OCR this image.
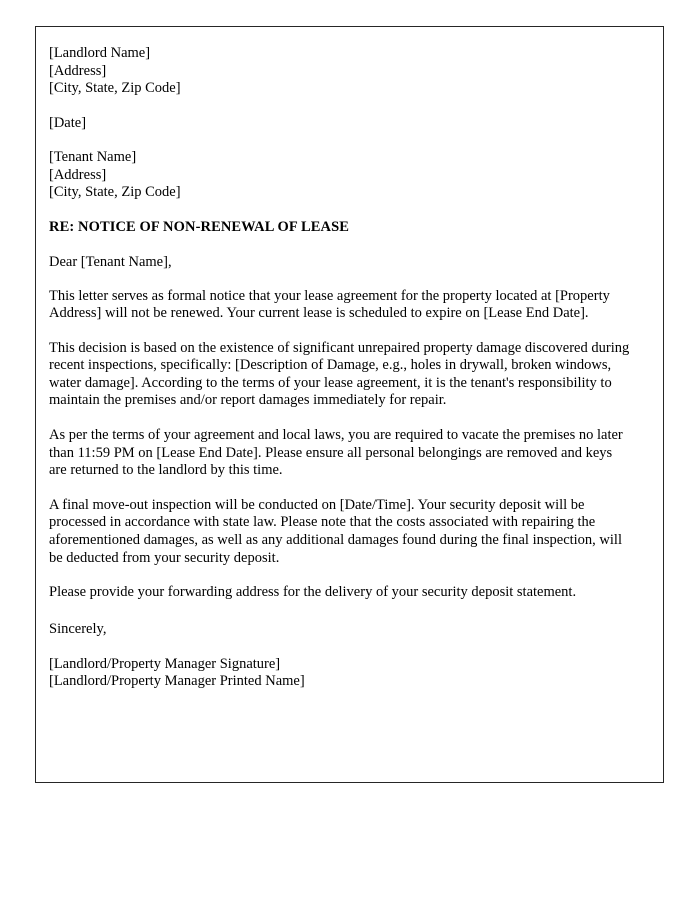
[Landlord Name]
[Address]
[City, State, Zip Code]
[Date]
[Tenant Name]
[Address]
[City, State, Zip Code]
RE: NOTICE OF NON-RENEWAL OF LEASE
Dear [Tenant Name],

This letter serves as formal notice that your lease agreement for the property located at [Property Address] will not be renewed. Your current lease is scheduled to expire on [Lease End Date].

This decision is based on the existence of significant unrepaired property damage discovered during recent inspections, specifically: [Description of Damage, e.g., holes in drywall, broken windows, water damage]. According to the terms of your lease agreement, it is the tenant's responsibility to maintain the premises and/or report damages immediately for repair.

As per the terms of your agreement and local laws, you are required to vacate the premises no later than 11:59 PM on [Lease End Date]. Please ensure all personal belongings are removed and keys are returned to the landlord by this time.

A final move-out inspection will be conducted on [Date/Time]. Your security deposit will be processed in accordance with state law. Please note that the costs associated with repairing the aforementioned damages, as well as any additional damages found during the final inspection, will be deducted from your security deposit.

Please provide your forwarding address for the delivery of your security deposit statement.

Sincerely,
[Landlord/Property Manager Signature]
[Landlord/Property Manager Printed Name]
